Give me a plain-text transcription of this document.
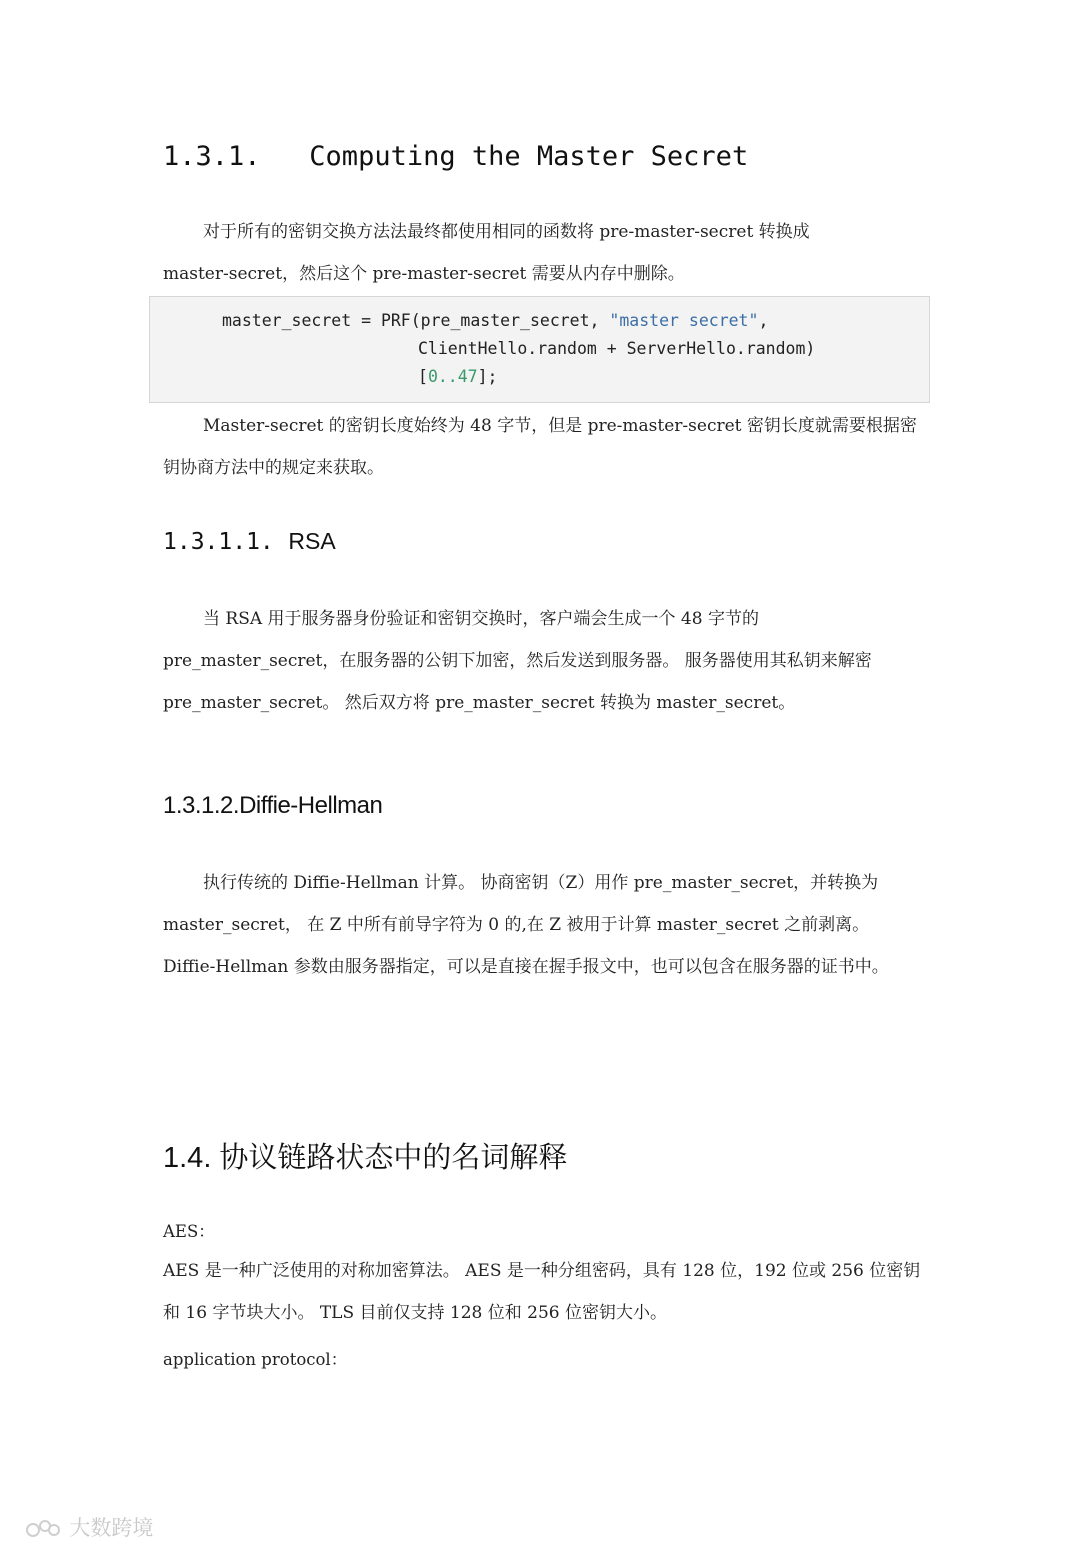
1.3.1.   Computing the Master Secret
对于所有的密钥交换方法法最终都使用相同的函数将 pre-master-secret 转换成 master-secret，然后这个 pre-master-secret 需要从内存中删除。
master_secret = PRF(pre_master_secret, "master secret",
ClientHello.random + ServerHello.random)
[0..47];
Master-secret 的密钥长度始终为 48 字节，但是 pre-master-secret 密钥长度就需要根据密钥协商方法中的规定来获取。
1.3.1.1. RSA
当 RSA 用于服务器身份验证和密钥交换时，客户端会生成一个 48 字节的 pre_master_secret，在服务器的公钥下加密，然后发送到服务器。 服务器使用其私钥来解密 pre_master_secret。 然后双方将 pre_master_secret 转换为 master_secret。
1.3.1.2.Diffie-Hellman
执行传统的 Diffie-Hellman 计算。 协商密钥（Z）用作 pre_master_secret，并转换为 master_secret， 在 Z 中所有前导字符为 0 的,在 Z 被用于计算 master_secret 之前剥离。Diffie-Hellman 参数由服务器指定，可以是直接在握手报文中，也可以包含在服务器的证书中。
1.4. 协议链路状态中的名词解释
AES：
AES 是一种广泛使用的对称加密算法。 AES 是一种分组密码，具有 128 位，192 位或 256 位密钥和 16 字节块大小。 TLS 目前仅支持 128 位和 256 位密钥大小。
application protocol：

大数跨境
